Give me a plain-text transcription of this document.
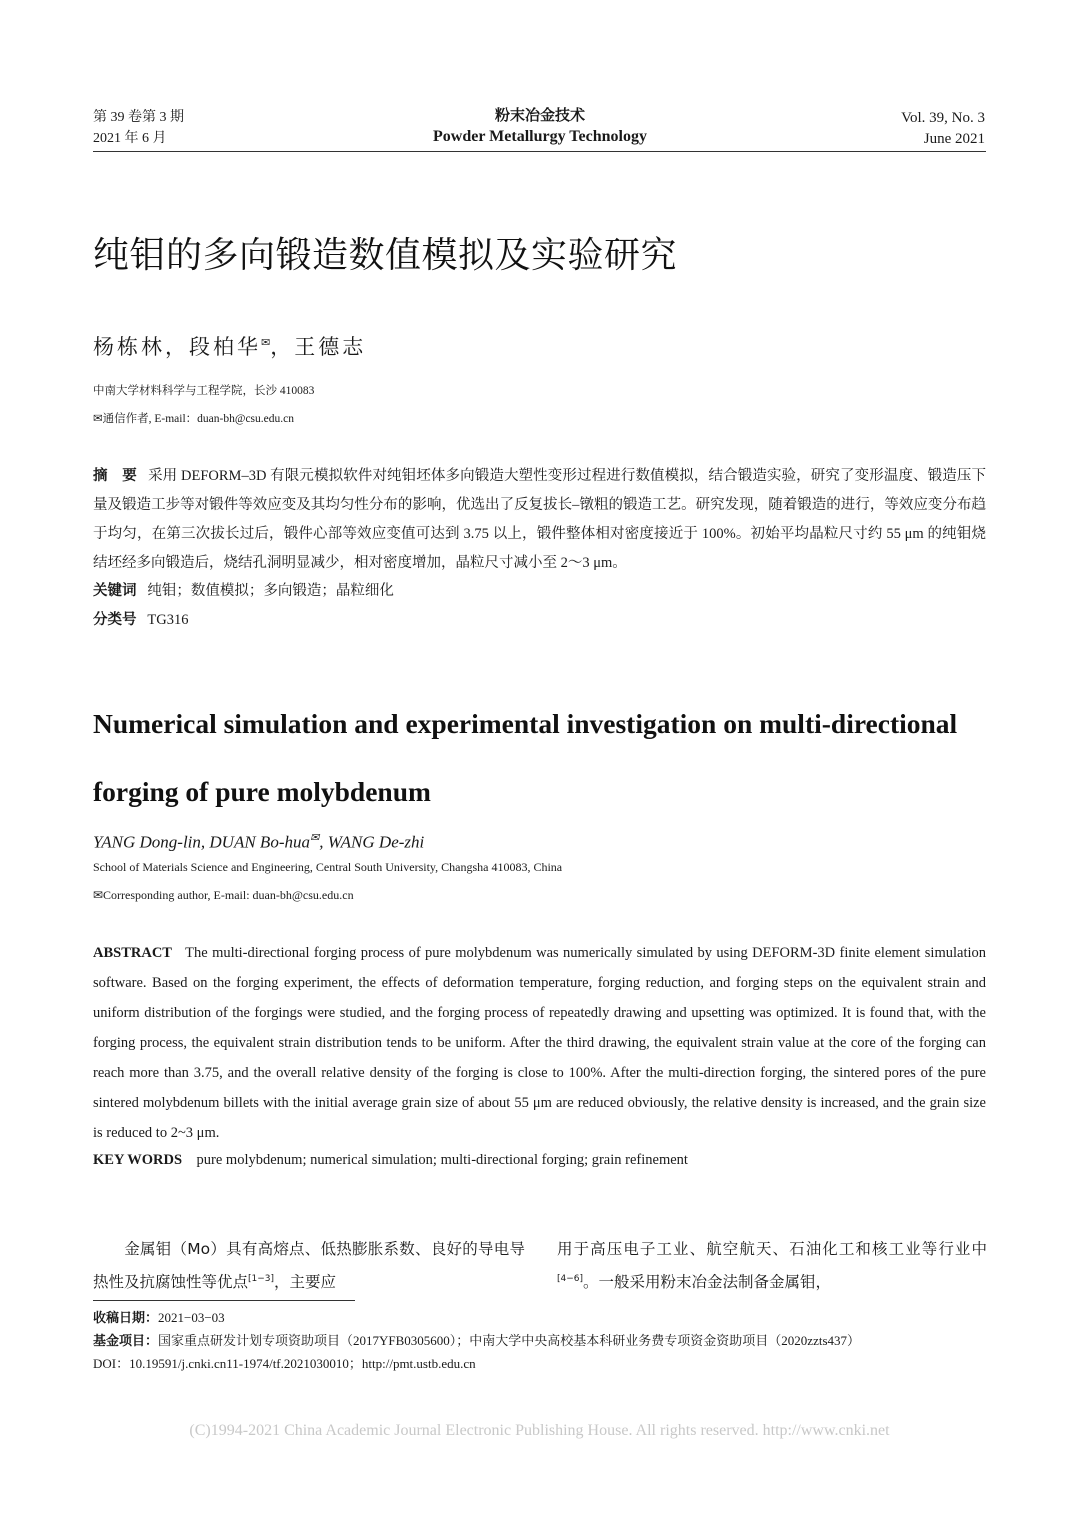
第 39 卷第 3 期
2021 年 6 月
粉末冶金技术
Powder Metallurgy Technology
Vol. 39, No. 3
June 2021
纯钼的多向锻造数值模拟及实验研究
杨栋林，段柏华✉，王德志
中南大学材料科学与工程学院，长沙 410083
✉通信作者, E-mail：duan-bh@csu.edu.cn
摘　要 采用 DEFORM–3D 有限元模拟软件对纯钼坯体多向锻造大塑性变形过程进行数值模拟，结合锻造实验，研究了变形温度、锻造压下量及锻造工步等对锻件等效应变及其均匀性分布的影响，优选出了反复拔长–镦粗的锻造工艺。研究发现，随着锻造的进行，等效应变分布趋于均匀，在第三次拔长过后，锻件心部等效应变值可达到 3.75 以上，锻件整体相对密度接近于 100%。初始平均晶粒尺寸约 55 μm 的纯钼烧结坯经多向锻造后，烧结孔洞明显减少，相对密度增加，晶粒尺寸减小至 2～3 μm。
关键词 纯钼；数值模拟；多向锻造；晶粒细化
分类号 TG316
Numerical simulation and experimental investigation on multi-directional
forging of pure molybdenum
YANG Dong-lin, DUAN Bo-hua✉, WANG De-zhi
School of Materials Science and Engineering, Central South University, Changsha 410083, China
✉Corresponding author, E-mail: duan-bh@csu.edu.cn
ABSTRACT The multi-directional forging process of pure molybdenum was numerically simulated by using DEFORM-3D finite element simulation software. Based on the forging experiment, the effects of deformation temperature, forging reduction, and forging steps on the equivalent strain and uniform distribution of the forgings were studied, and the forging process of repeatedly drawing and upsetting was optimized. It is found that, with the forging process, the equivalent strain distribution tends to be uniform. After the third drawing, the equivalent strain value at the core of the forging can reach more than 3.75, and the overall relative density of the forging is close to 100%. After the multi-direction forging, the sintered pores of the pure sintered molybdenum billets with the initial average grain size of about 55 μm are reduced obviously, the relative density is increased, and the grain size is reduced to 2~3 μm.
KEY WORDS pure molybdenum; numerical simulation; multi-directional forging; grain refinement
金属钼（Mo）具有高熔点、低热膨胀系数、良好的导电导热性及抗腐蚀性等优点[1−3]，主要应
用于高压电子工业、航空航天、石油化工和核工业等行业中[4−6]。一般采用粉末冶金法制备金属钼，
收稿日期：2021−03−03
基金项目：国家重点研发计划专项资助项目（2017YFB0305600）；中南大学中央高校基本科研业务费专项资金资助项目（2020zzts437）
DOI：10.19591/j.cnki.cn11-1974/tf.2021030010；http://pmt.ustb.edu.cn
(C)1994-2021 China Academic Journal Electronic Publishing House. All rights reserved. http://www.cnki.net
